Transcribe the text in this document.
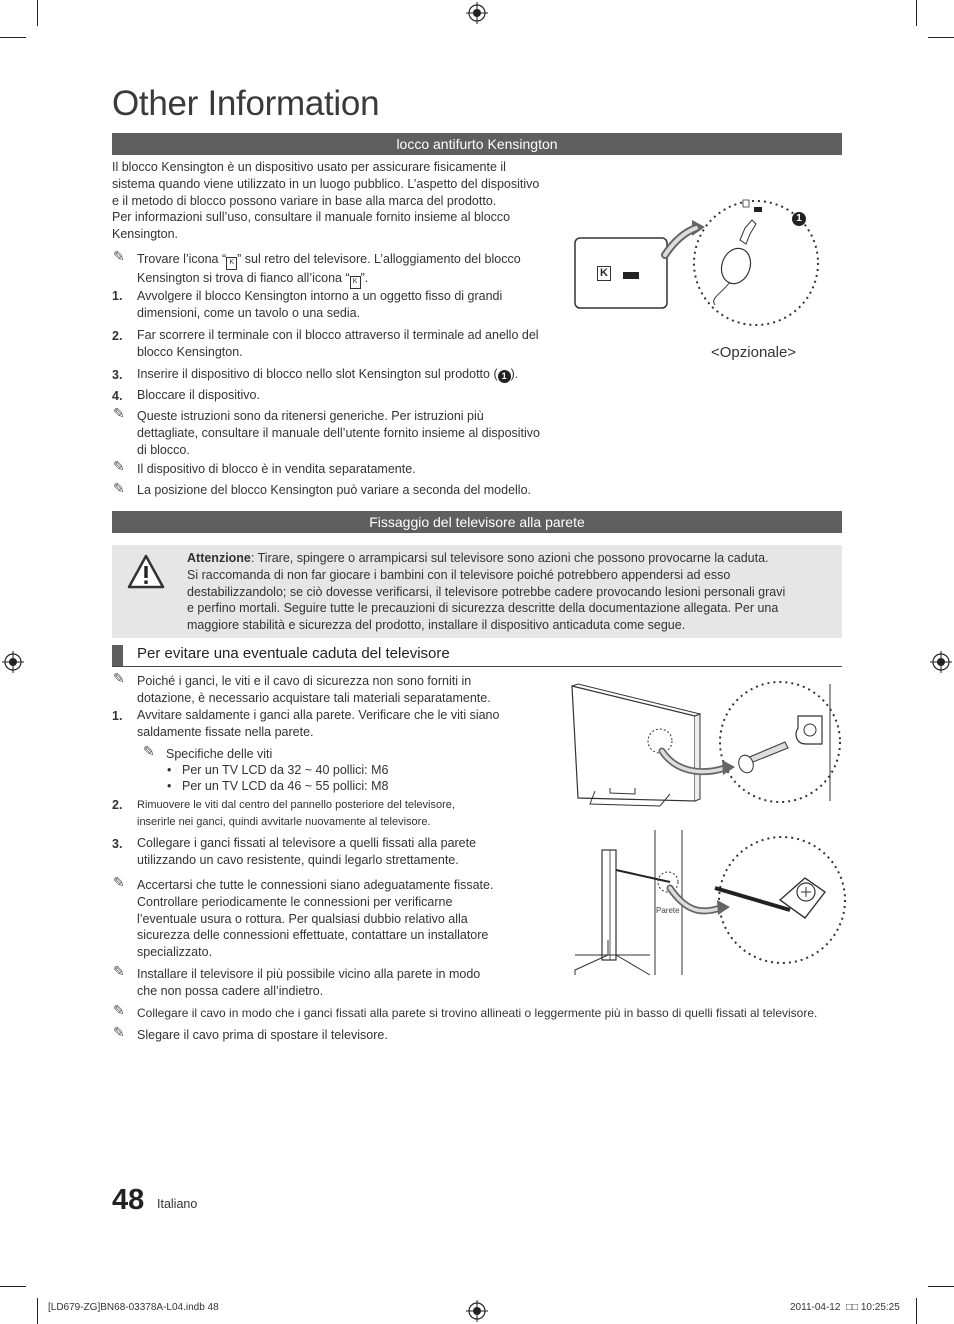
Other Information
locco antifurto Kensington
Il blocco Kensington è un dispositivo usato per assicurare fisicamente il
sistema quando viene utilizzato in un luogo pubblico. L’aspetto del dispositivo
e il metodo di blocco possono variare in base alla marca del prodotto.
Per informazioni sull’uso, consultare il manuale fornito insieme al blocco
Kensington.
✎ Trovare l’icona “ K ” sul retro del televisore. L’alloggiamento del blocco
Kensington si trova di fianco all’icona “ K ”.
1. Avvolgere il blocco Kensington intorno a un oggetto fisso di grandi
dimensioni, come un tavolo o una sedia.
2. Far scorrere il terminale con il blocco attraverso il terminale ad anello del
blocco Kensington.
3. Inserire il dispositivo di blocco nello slot Kensington sul prodotto ( 1 ).
4. Bloccare il dispositivo.
✎ Queste istruzioni sono da ritenersi generiche. Per istruzioni più
dettagliate, consultare il manuale dell’utente fornito insieme al dispositivo
di blocco.
✎ Il dispositivo di blocco è in vendita separatamente.
✎ La posizione del blocco Kensington può variare a seconda del modello.
K
1
<Opzionale>
Fissaggio del televisore alla parete
Attenzione: Tirare, spingere o arrampicarsi sul televisore sono azioni che possono provocarne la caduta.
Si raccomanda di non far giocare i bambini con il televisore poiché potrebbero appendersi ad esso
destabilizzandolo; se ciò dovesse verificarsi, il televisore potrebbe cadere provocando lesioni personali gravi
e perfino mortali. Seguire tutte le precauzioni di sicurezza descritte della documentazione allegata. Per una
maggiore stabilità e sicurezza del prodotto, installare il dispositivo anticaduta come segue.
Per evitare una eventuale caduta del televisore
✎ Poiché i ganci, le viti e il cavo di sicurezza non sono forniti in
dotazione, è necessario acquistare tali materiali separatamente.
1. Avvitare saldamente i ganci alla parete. Verificare che le viti siano
saldamente fissate nella parete.
✎ Specifiche delle viti
• Per un TV LCD da 32 ~ 40 pollici: M6
• Per un TV LCD da 46 ~ 55 pollici: M8
2. Rimuovere le viti dal centro del pannello posteriore del televisore,
inserirle nei ganci, quindi avvitarle nuovamente al televisore.
3. Collegare i ganci fissati al televisore a quelli fissati alla parete
utilizzando un cavo resistente, quindi legarlo strettamente.
✎ Accertarsi che tutte le connessioni siano adeguatamente fissate.
Controllare periodicamente le connessioni per verificarne
l’eventuale usura o rottura. Per qualsiasi dubbio relativo alla
sicurezza delle connessioni effettuate, contattare un installatore
specializzato.
✎ Installare il televisore il più possibile vicino alla parete in modo
che non possa cadere all’indietro.
✎ Collegare il cavo in modo che i ganci fissati alla parete si trovino allineati o leggermente più in basso di quelli fissati al televisore.
✎ Slegare il cavo prima di spostare il televisore.
Parete
48 Italiano
[LD679-ZG]BN68-03378A-L04.indb 48	2011-04-12 □□ 10:25:25
